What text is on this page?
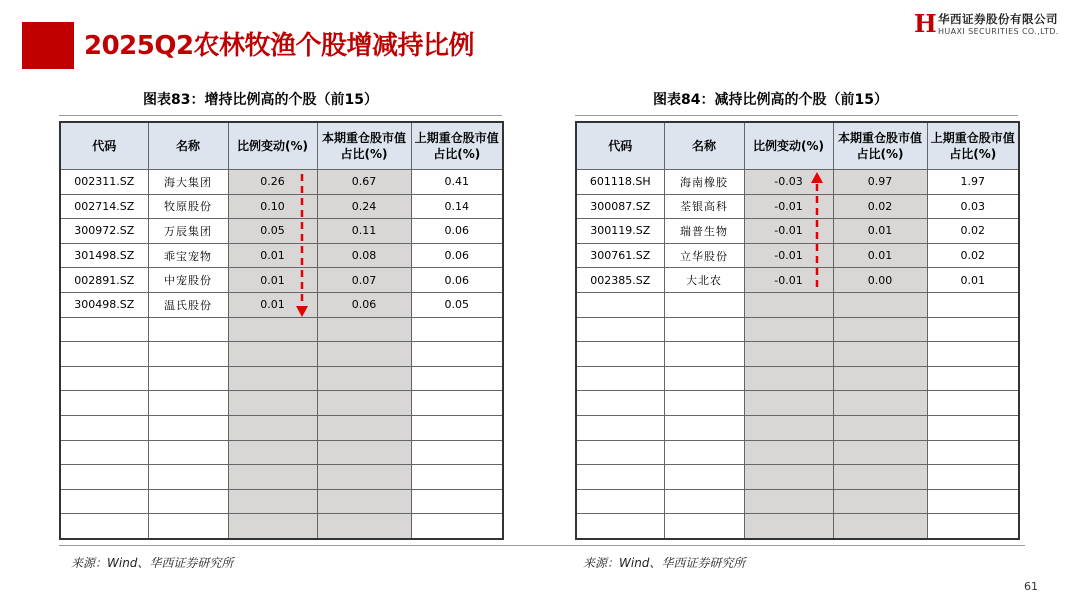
2025Q2农林牧渔个股增减持比例
H 华西证券股份有限公司
HUAXI SECURITIES CO.,LTD.
图表83：增持比例高的个股（前15）	图表84：减持比例高的个股（前15）
代码	名称	比例变动(%)	本期重仓股市值占比(%)	上期重仓股市值占比(%)
002311.SZ	海大集团	0.26	0.67	0.41
002714.SZ	牧原股份	0.10	0.24	0.14
300972.SZ	万辰集团	0.05	0.11	0.06
301498.SZ	乖宝宠物	0.01	0.08	0.06
002891.SZ	中宠股份	0.01	0.07	0.06
300498.SZ	温氏股份	0.01	0.06	0.05

代码	名称	比例变动(%)	本期重仓股市值占比(%)	上期重仓股市值占比(%)
601118.SH	海南橡胶	-0.03	0.97	1.97
300087.SZ	荃银高科	-0.01	0.02	0.03
300119.SZ	瑞普生物	-0.01	0.01	0.02
300761.SZ	立华股份	-0.01	0.01	0.02
002385.SZ	大北农	-0.01	0.00	0.01

来源：Wind、华西证券研究所	来源：Wind、华西证券研究所
61
